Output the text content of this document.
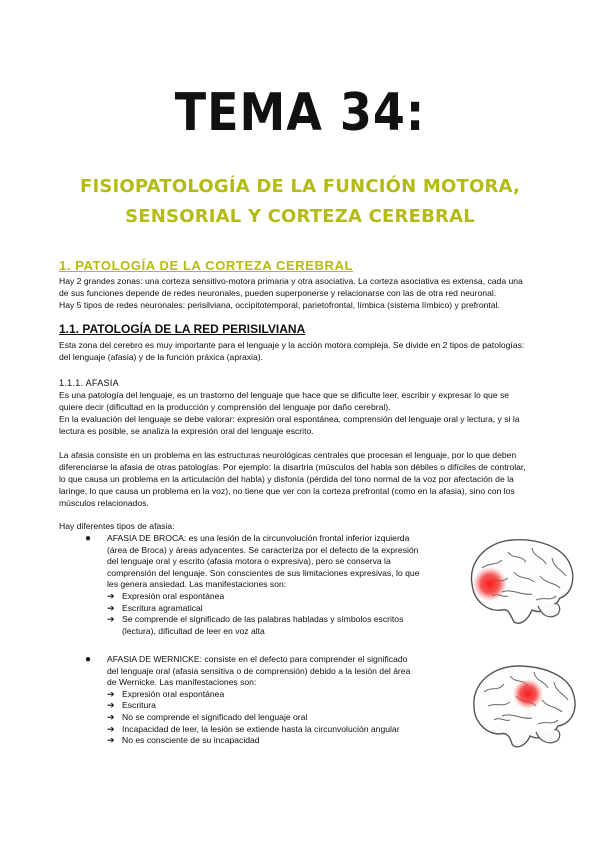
TEMA 34:
FISIOPATOLOGÍA DE LA FUNCIÓN MOTORA,
SENSORIAL Y CORTEZA CEREBRAL
1. PATOLOGÍA DE LA CORTEZA CEREBRAL
Hay 2 grandes zonas: una corteza sensitivo-motora primaria y otra asociativa. La corteza asociativa es extensa, cada una
de sus funciones depende de redes neuronales, pueden superponerse y relacionarse con las de otra red neuronal.
Hay 5 tipos de redes neuronales: perisilviana, occipitotemporal, parietofrontal, límbica (sistema límbico) y prefrontal.
1.1. PATOLOGÍA DE LA RED PERISILVIANA
Esta zona del cerebro es muy importante para el lenguaje y la acción motora compleja. Se divide en 2 tipos de patologías:
del lenguaje (afasia) y de la función práxica (apraxia).
1.1.1. AFASIA
Es una patología del lenguaje, es un trastorno del lenguaje que hace que se dificulte leer, escribir y expresar lo que se
quiere decir (dificultad en la producción y comprensión del lenguaje por daño cerebral).
En la evaluación del lenguaje se debe valorar: expresión oral espontánea, comprensión del lenguaje oral y lectura, y si la
lectura es posible, se analiza la expresión oral del lenguaje escrito.
La afasia consiste en un problema en las estructuras neurológicas centrales que procesan el lenguaje, por lo que deben
diferenciarse la afasia de otras patologías. Por ejemplo: la disartria (músculos del habla son débiles o difíciles de controlar,
lo que causa un problema en la articulación del habla) y disfonía (pérdida del tono normal de la voz por afectación de la
laringe, lo que causa un problema en la voz), no tiene que ver con la corteza prefrontal (como en la afasia), sino con los
músculos relacionados.
Hay diferentes tipos de afasia:
● AFASIA DE BROCA: es una lesión de la circunvolución frontal inferior izquierda
(área de Broca) y áreas adyacentes. Se caracteriza por el defecto de la expresión
del lenguaje oral y escrito (afasia motora o expresiva), pero se conserva la
comprensión del lenguaje. Son conscientes de sus limitaciones expresivas, lo que
les genera ansiedad. Las manifestaciones son:
➔ Expresión oral espontánea
➔ Escritura agramatical
➔ Se comprende el significado de las palabras habladas y símbolos escritos
(lectura), dificultad de leer en voz alta
● AFASIA DE WERNICKE: consiste en el defecto para comprender el significado
del lenguaje oral (afasia sensitiva o de comprensión) debido a la lesión del área
de Wernicke. Las manifestaciones son:
➔ Expresión oral espontánea
➔ Escritura
➔ No se comprende el significado del lenguaje oral
➔ Incapacidad de leer, la lesión se extiende hasta la circunvolución angular
➔ No es consciente de su incapacidad
